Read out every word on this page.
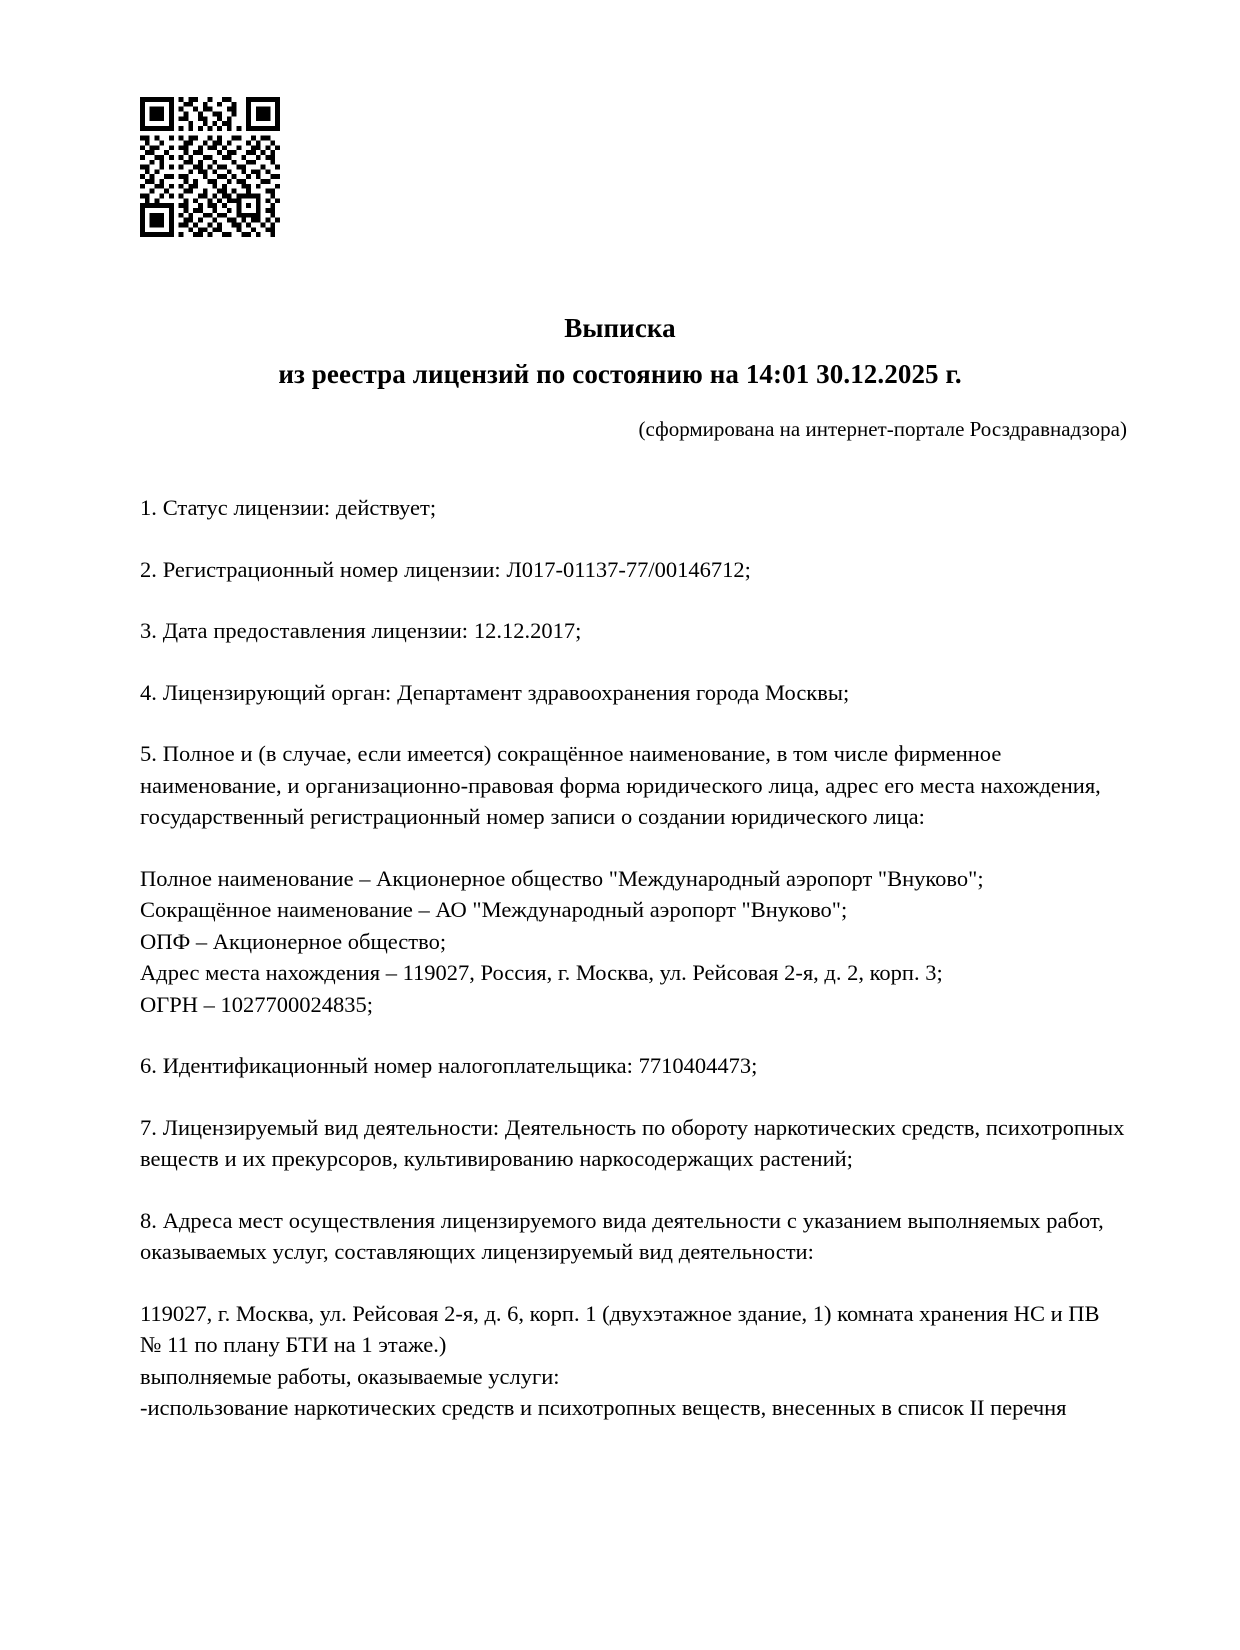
Выписка
из реестра лицензий по состоянию на 14:01 30.12.2025 г.
(сформирована на интернет-портале Росздравнадзора)

1. Статус лицензии: действует;

2. Регистрационный номер лицензии: Л017-01137-77/00146712;

3. Дата предоставления лицензии: 12.12.2017;

4. Лицензирующий орган: Департамент здравоохранения города Москвы;

5. Полное и (в случае, если имеется) сокращённое наименование, в том числе фирменное наименование, и организационно-правовая форма юридического лица, адрес его места нахождения, государственный регистрационный номер записи о создании юридического лица:

Полное наименование – Акционерное общество "Международный аэропорт "Внуково";
Сокращённое наименование – АО "Международный аэропорт "Внуково";
ОПФ – Акционерное общество;
Адрес места нахождения – 119027, Россия, г. Москва, ул. Рейсовая 2-я, д. 2, корп. 3;
ОГРН – 1027700024835;

6. Идентификационный номер налогоплательщика: 7710404473;

7. Лицензируемый вид деятельности: Деятельность по обороту наркотических средств, психотропных веществ и их прекурсоров, культивированию наркосодержащих растений;

8. Адреса мест осуществления лицензируемого вида деятельности с указанием выполняемых работ, оказываемых услуг, составляющих лицензируемый вид деятельности:

119027, г. Москва, ул. Рейсовая 2-я, д. 6, корп. 1 (двухэтажное здание, 1) комната хранения НС и ПВ № 11 по плану БТИ на 1 этаже.)
выполняемые работы, оказываемые услуги:
-использование наркотических средств и психотропных веществ, внесенных в список II перечня
